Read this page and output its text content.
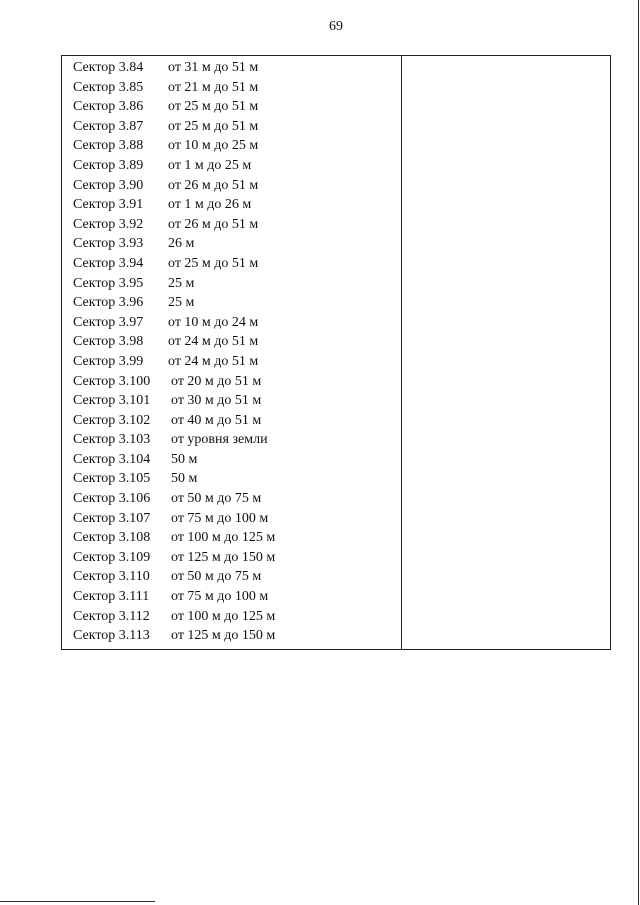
69
Сектор 3.84 от 31 м до 51 м
Сектор 3.85 от 21 м до 51 м
Сектор 3.86 от 25 м до 51 м
Сектор 3.87 от 25 м до 51 м
Сектор 3.88 от 10 м до 25 м
Сектор 3.89 от 1 м до 25 м
Сектор 3.90 от 26 м до 51 м
Сектор 3.91 от 1 м до 26 м
Сектор 3.92 от 26 м до 51 м
Сектор 3.93 26 м
Сектор 3.94 от 25 м до 51 м
Сектор 3.95 25 м
Сектор 3.96 25 м
Сектор 3.97 от 10 м до 24 м
Сектор 3.98 от 24 м до 51 м
Сектор 3.99 от 24 м до 51 м
Сектор 3.100 от 20 м до 51 м
Сектор 3.101 от 30 м до 51 м
Сектор 3.102 от 40 м до 51 м
Сектор 3.103 от уровня земли
Сектор 3.104 50 м
Сектор 3.105 50 м
Сектор 3.106 от 50 м до 75 м
Сектор 3.107 от 75 м до 100 м
Сектор 3.108 от 100 м до 125 м
Сектор 3.109 от 125 м до 150 м
Сектор 3.110 от 50 м до 75 м
Сектор 3.111 от 75 м до 100 м
Сектор 3.112 от 100 м до 125 м
Сектор 3.113 от 125 м до 150 м
